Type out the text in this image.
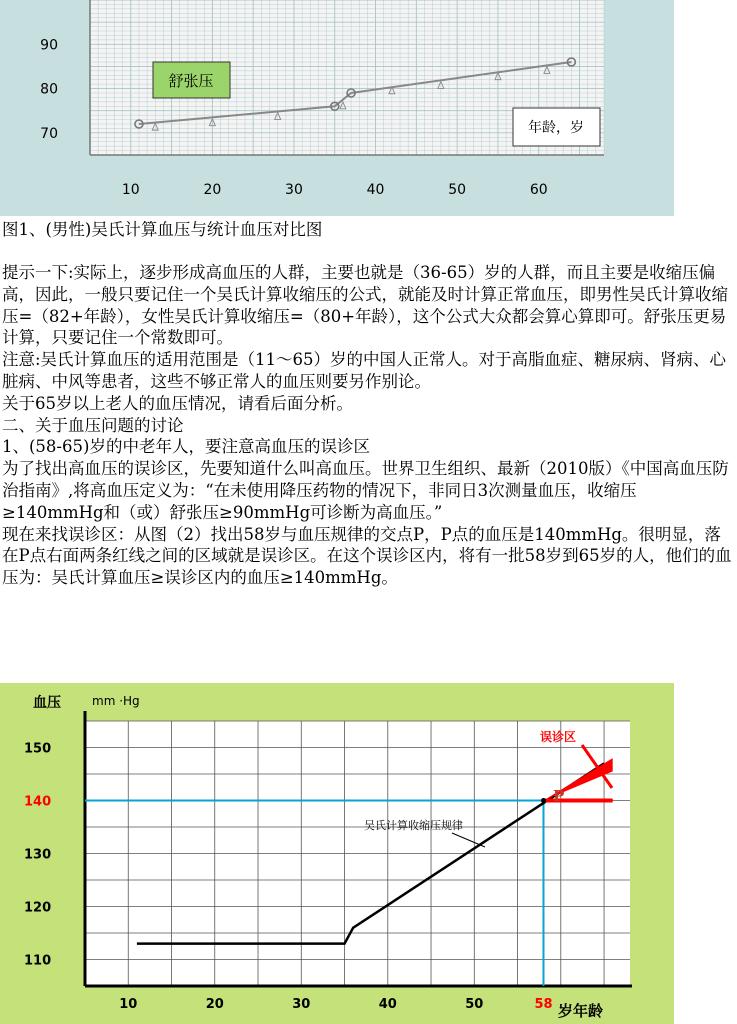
90
80
70
10	20	30	40	50	60
舒张压
年龄，岁
图1、(男性)吴氏计算血压与统计血压对比图

提示一下:实际上，逐步形成高血压的人群，主要也就是（36-65）岁的人群，而且主要是收缩压偏高，因此，一般只要记住一个吴氏计算收缩压的公式，就能及时计算正常血压，即男性吴氏计算收缩压=（82+年龄），女性吴氏计算收缩压=（80+年龄），这个公式大众都会算心算即可。舒张压更易计算，只要记住一个常数即可。

注意:吴氏计算血压的适用范围是（11～65）岁的中国人正常人。对于高脂血症、糖尿病、肾病、心脏病、中风等患者，这些不够正常人的血压则要另作别论。

关于65岁以上老人的血压情况，请看后面分析。

二、关于血压问题的讨论

1、(58-65)岁的中老年人，要注意高血压的误诊区

为了找出高血压的误诊区，先要知道什么叫高血压。世界卫生组织、最新（2010版）《中国高血压防治指南》,将高血压定义为：“在未使用降压药物的情况下，非同日3次测量血压，收缩压≥140mmHg和（或）舒张压≥90mmHg可诊断为高血压。”

现在来找误诊区：从图（2）找出58岁与血压规律的交点P，P点的血压是140mmHg。很明显，落在P点右面两条红线之间的区域就是误诊区。在这个误诊区内，将有一批58岁到65岁的人，他们的血压为：吴氏计算血压≥误诊区内的血压≥140mmHg。

血压	mm ·Hg
150
140
130
120
110
10	20	30	40	50	58 岁年龄
吴氏计算收缩压规律
误诊区
P
